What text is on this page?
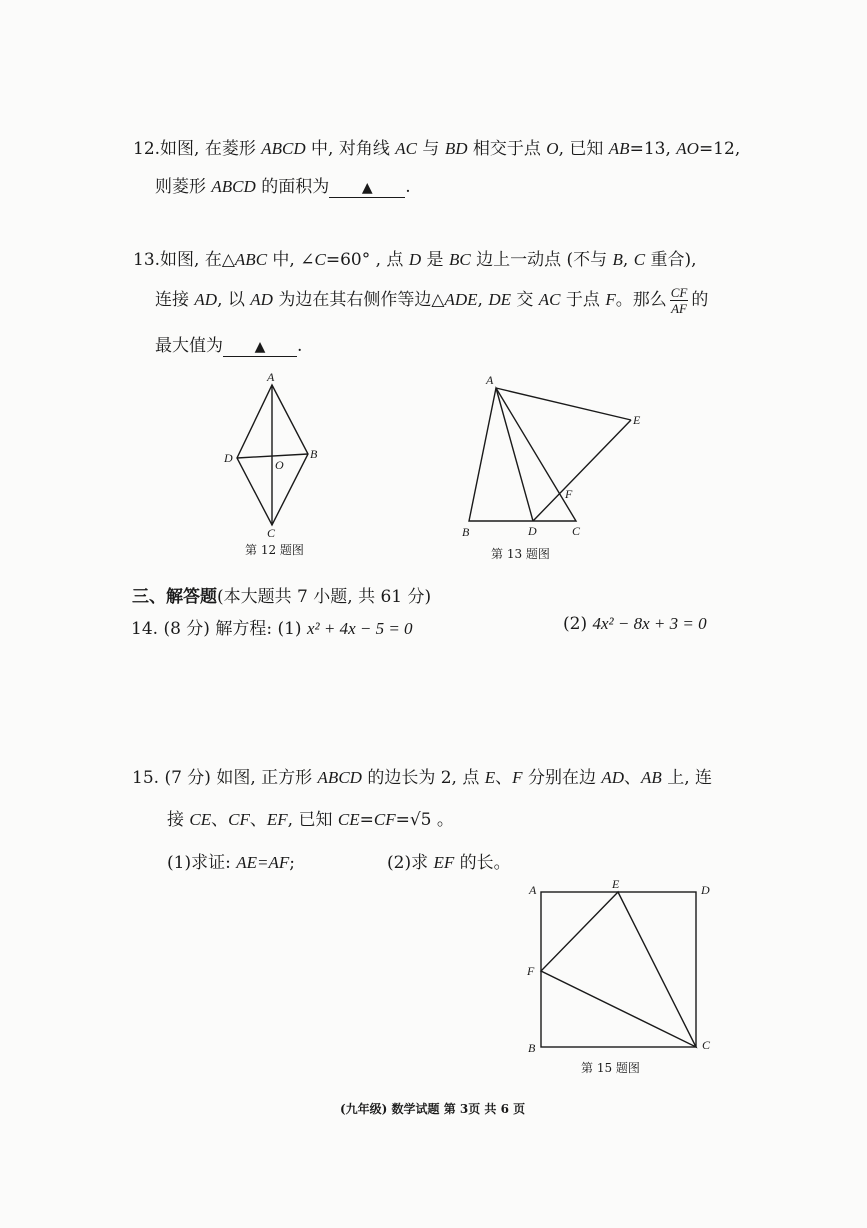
12.如图, 在菱形 ABCD 中, 对角线 AC 与 BD 相交于点 O, 已知 AB=13, AO=12,
则菱形 ABCD 的面积为 ▲ .
13.如图, 在△ABC 中, ∠C=60° , 点 D 是 BC 边上一动点 (不与 B, C 重合),
连接 AD, 以 AD 为边在其右侧作等边△ADE, DE 交 AC 于点 F。那么 $\frac{CF}{AF}$ 的
最大值为 ▲ .
A
D	O
B
C
第 12 题图
A
E
F
B	D	C
第 13 题图
三、解答题(本大题共 7 小题, 共 61 分)
14. (8 分) 解方程: (1) x² + 4x − 5 = 0	(2) 4x² − 8x + 3 = 0
15. (7 分) 如图, 正方形 ABCD 的边长为 2, 点 E、F 分别在边 AD、AB 上, 连
接 CE、CF、EF, 已知 CE=CF=√5 。
(1)求证: AE=AF;	(2)求 EF 的长。
A	E	D
F
B	C
第 15 题图
(九年级) 数学试题 第 3页 共 6 页
